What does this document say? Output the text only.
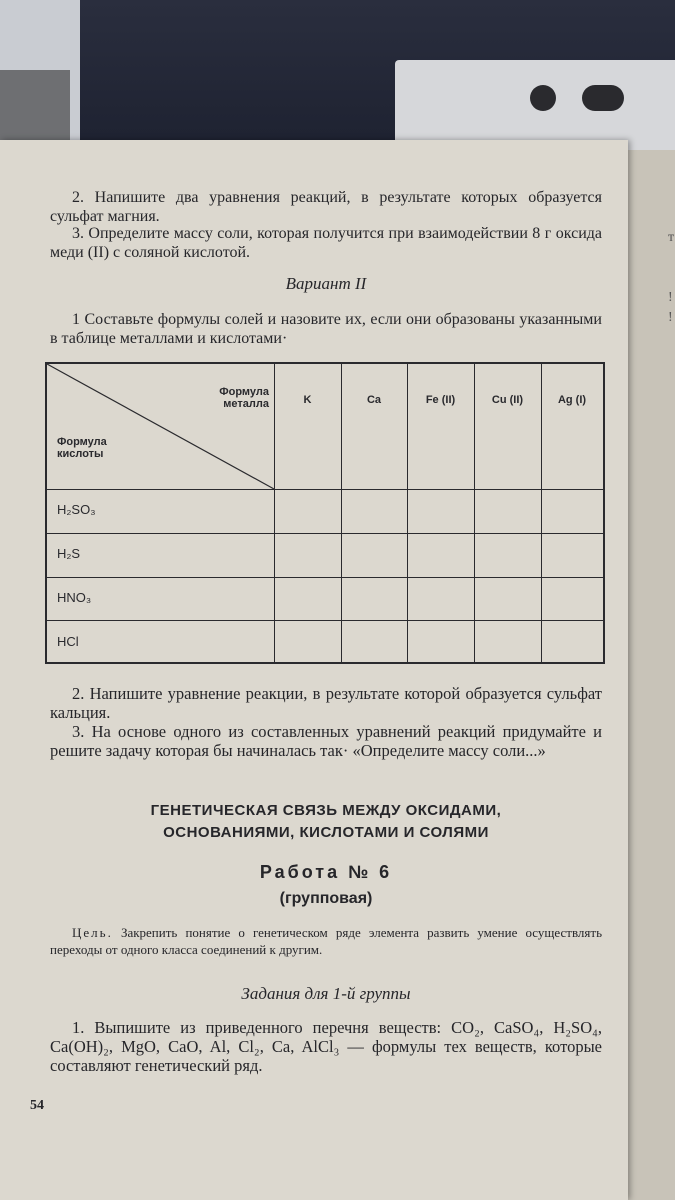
т
!
!
2. Напишите два уравнения реакций, в результате которых образуется сульфат магния.
3. Определите массу соли, которая получится при взаимодействии 8 г оксида меди (II) с соляной кислотой.
Вариант II
1 Составьте формулы солей и назовите их, если они образованы указанными в таблице металлами и кислотами·
Формула металла
Формула кислоты
K	Ca	Fe (II)	Cu (II)	Ag (I)
H₂SO₃
H₂S
HNO₃
HCl
2. Напишите уравнение реакции, в результате которой образуется сульфат кальция.
3. На основе одного из составленных уравнений реакций придумайте и решите задачу которая бы начиналась так· «Определите массу соли...»
ГЕНЕТИЧЕСКАЯ СВЯЗЬ МЕЖДУ ОКСИДАМИ,
ОСНОВАНИЯМИ, КИСЛОТАМИ И СОЛЯМИ
Работа № 6
(групповая)
Цель. Закрепить понятие о генетическом ряде элемента развить умение осуществлять переходы от одного класса соединений к другим.
Задания для 1-й группы
1. Выпишите из приведенного перечня веществ: CO₂, CaSO₄, H₂SO₄, Ca(OH)₂, MgO, CaO, Al, Cl₂, Ca, AlCl₃ — формулы тех веществ, которые составляют генетический ряд.
54
